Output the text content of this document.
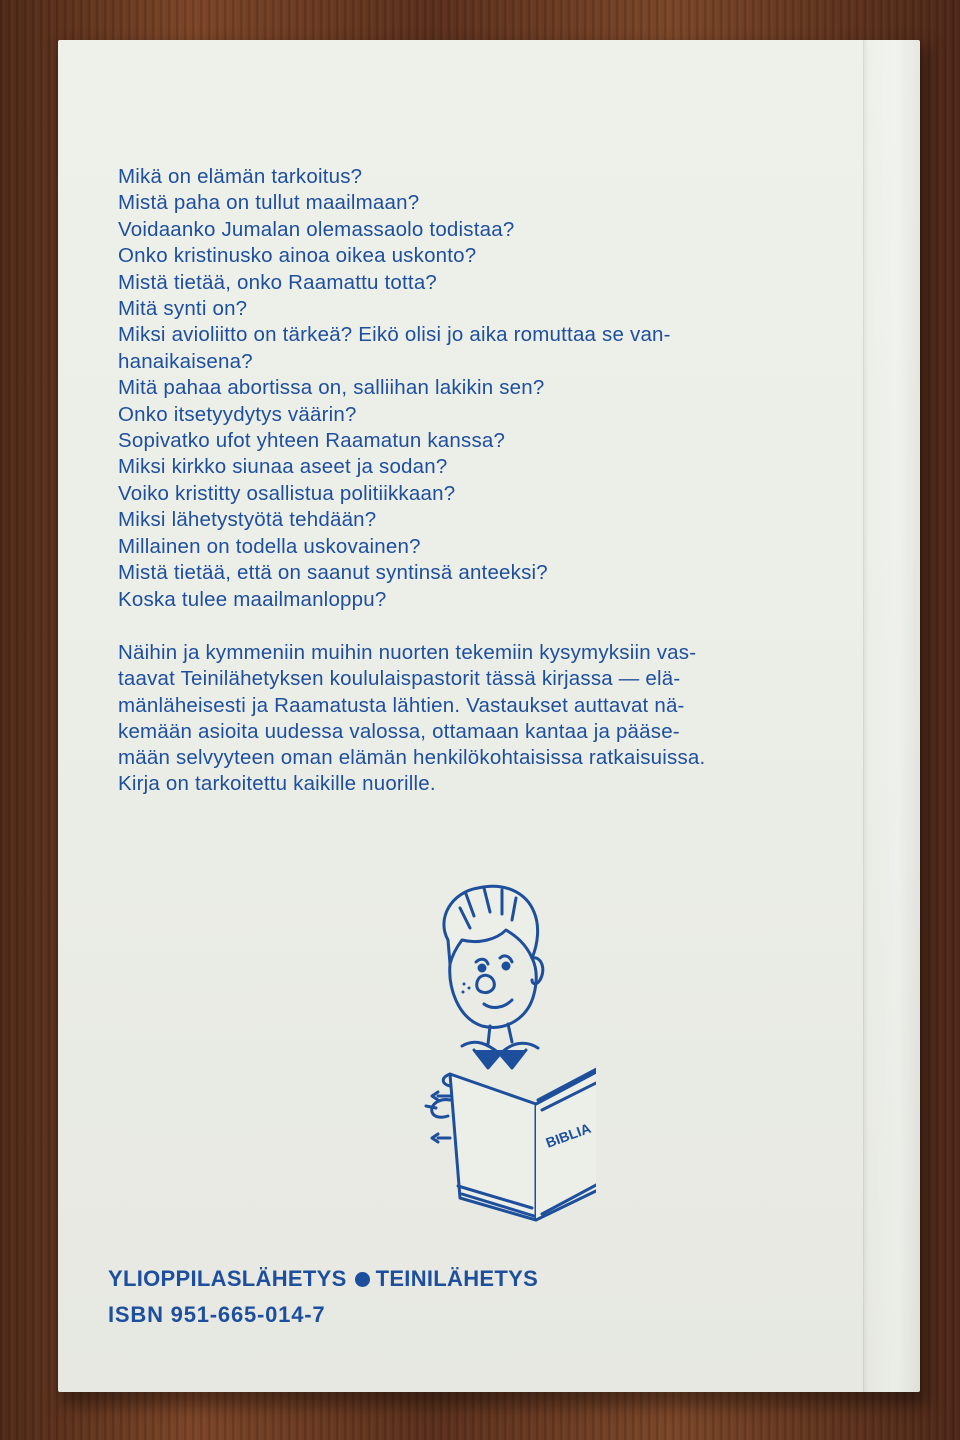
Mikä on elämän tarkoitus?

Mistä paha on tullut maailmaan?

Voidaanko Jumalan olemassaolo todistaa?

Onko kristinusko ainoa oikea uskonto?

Mistä tietää, onko Raamattu totta?

Mitä synti on?

Miksi avioliitto on tärkeä? Eikö olisi jo aika romuttaa se van-

hanaikaisena?

Mitä pahaa abortissa on, salliihan lakikin sen?

Onko itsetyydytys väärin?

Sopivatko ufot yhteen Raamatun kanssa?

Miksi kirkko siunaa aseet ja sodan?

Voiko kristitty osallistua politiikkaan?

Miksi lähetystyötä tehdään?

Millainen on todella uskovainen?

Mistä tietää, että on saanut syntinsä anteeksi?

Koska tulee maailmanloppu?

Näihin ja kymmeniin muihin nuorten tekemiin kysymyksiin vas-
taavat Teinilähetyksen koululaispastorit tässä kirjassa — elä-
mänläheisesti ja Raamatusta lähtien. Vastaukset auttavat nä-
kemään asioita uudessa valossa, ottamaan kantaa ja pääse-
mään selvyyteen oman elämän henkilökohtaisissa ratkaisuissa.
Kirja on tarkoitettu kaikille nuorille.
BIBLIA
YLIOPPILASLÄHETYS TEINILÄHETYS
ISBN 951-665-014-7
